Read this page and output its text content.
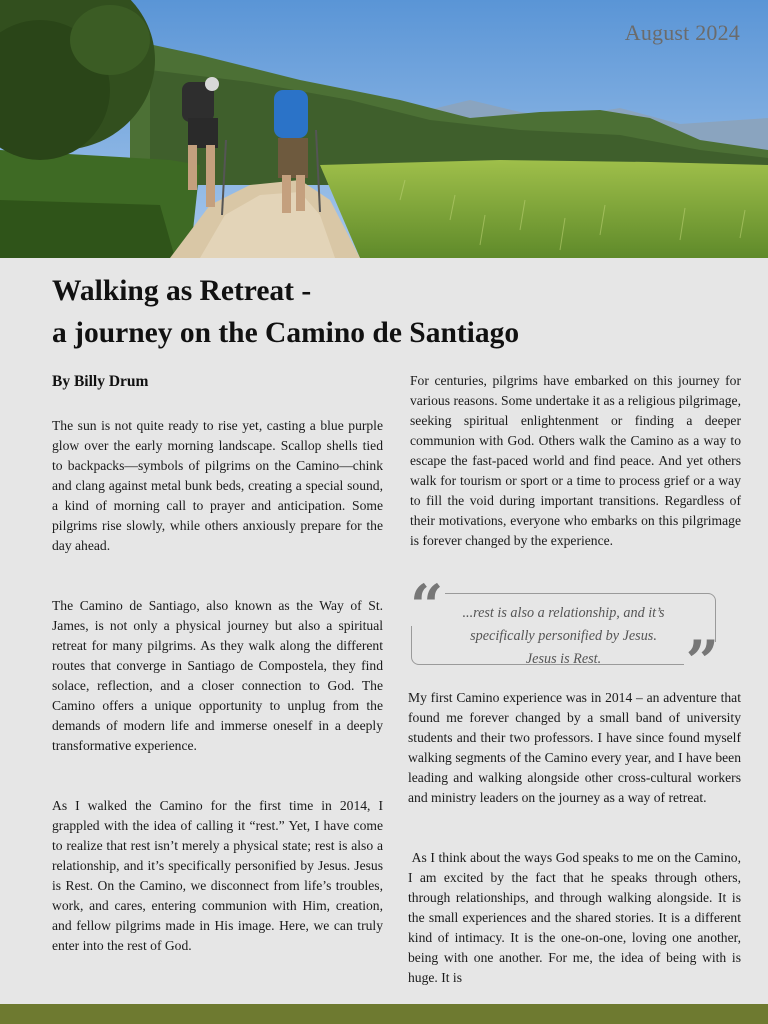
August 2024
Walking as Retreat -
a journey on the Camino de Santiago
By Billy Drum

The sun is not quite ready to rise yet, casting a blue purple glow over the early morning landscape. Scallop shells tied to backpacks—symbols of pilgrims on the Camino—chink and clang against metal bunk beds, creating a special sound, a kind of morning call to prayer and anticipation. Some pilgrims rise slowly, while others anxiously prepare for the day ahead.

The Camino de Santiago, also known as the Way of St. James, is not only a physical journey but also a spiritual retreat for many pilgrims. As they walk along the different routes that converge in Santiago de Compostela, they find solace, reflection, and a closer connection to God. The Camino offers a unique opportunity to unplug from the demands of modern life and immerse oneself in a deeply transformative experience.

As I walked the Camino for the first time in 2014, I grappled with the idea of calling it “rest.” Yet, I have come to realize that rest isn’t merely a physical state; rest is also a relationship, and it’s specifically personified by Jesus. Jesus is Rest. On the Camino, we disconnect from life’s troubles, work, and cares, entering communion with Him, creation, and fellow pilgrims made in His image. Here, we can truly enter into the rest of God.

For centuries, pilgrims have embarked on this journey for various reasons. Some undertake it as a religious pilgrimage, seeking spiritual enlightenment or finding a deeper communion with God. Others walk the Camino as a way to escape the fast-paced world and find peace. And yet others walk for tourism or sport or a time to process grief or a way to fill the void during important transitions. Regardless of their motivations, everyone who embarks on this pilgrimage is forever changed by the experience.

“	...rest is also a relationship, and it’s
specifically personified by Jesus.
Jesus is Rest.	”

My first Camino experience was in 2014 – an adventure that found me forever changed by a small band of university students and their two professors. I have since found myself walking segments of the Camino every year, and I have been leading and walking alongside other cross-cultural workers and ministry leaders on the journey as a way of retreat.

As I think about the ways God speaks to me on the Camino, I am excited by the fact that he speaks through others, through relationships, and through walking alongside. It is the small experiences and the shared stories. It is a different kind of intimacy. It is the one-on-one, loving one another, being with one another. For me, the idea of being with is huge. It is
